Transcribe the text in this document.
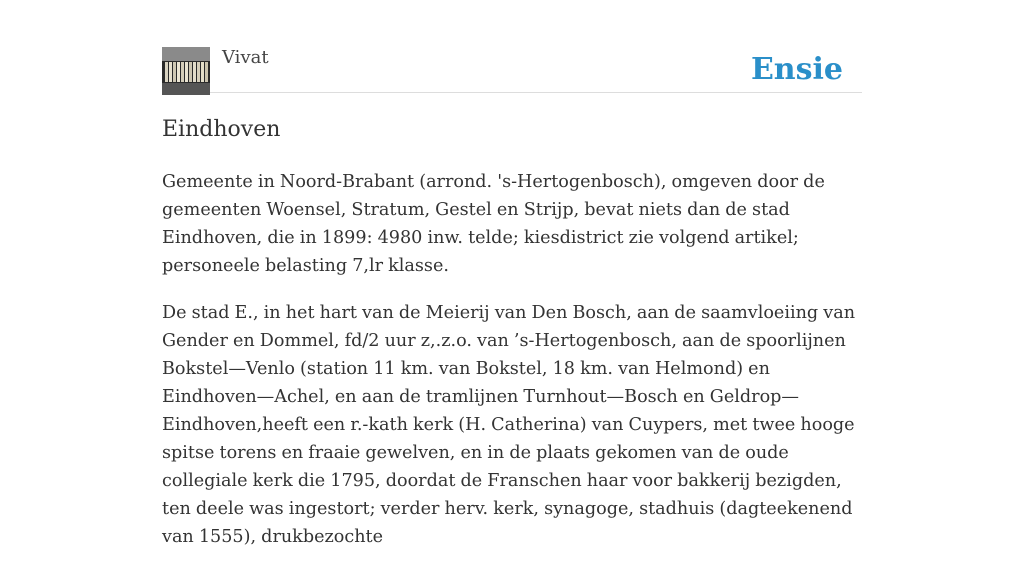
Vivat	Ensie
Eindhoven

Gemeente in Noord-Brabant (arrond. 's-Hertogenbosch), omgeven door de gemeenten Woensel, Stratum, Gestel en Strijp, bevat niets dan de stad Eindhoven, die in 1899: 4980 inw. telde; kiesdistrict zie volgend artikel; personeele belasting 7,lr klasse.

De stad E., in het hart van de Meierij van Den Bosch, aan de saamvloeiing van Gender en Dommel, fd/2 uur z,.z.o. van ’s-Hertogenbosch, aan de spoorlijnen Bokstel—Venlo (station 11 km. van Bokstel, 18 km. van Helmond) en Eindhoven—Achel, en aan de tramlijnen Turnhout—Bosch en Geldrop—Eindhoven,heeft een r.-kath kerk (H. Catherina) van Cuypers, met twee hooge spitse torens en fraaie gewelven, en in de plaats gekomen van de oude collegiale kerk die 1795, doordat de Franschen haar voor bakkerij bezigden, ten deele was ingestort; verder herv. kerk, synagoge, stadhuis (dagteekenend van 1555), drukbezochte
